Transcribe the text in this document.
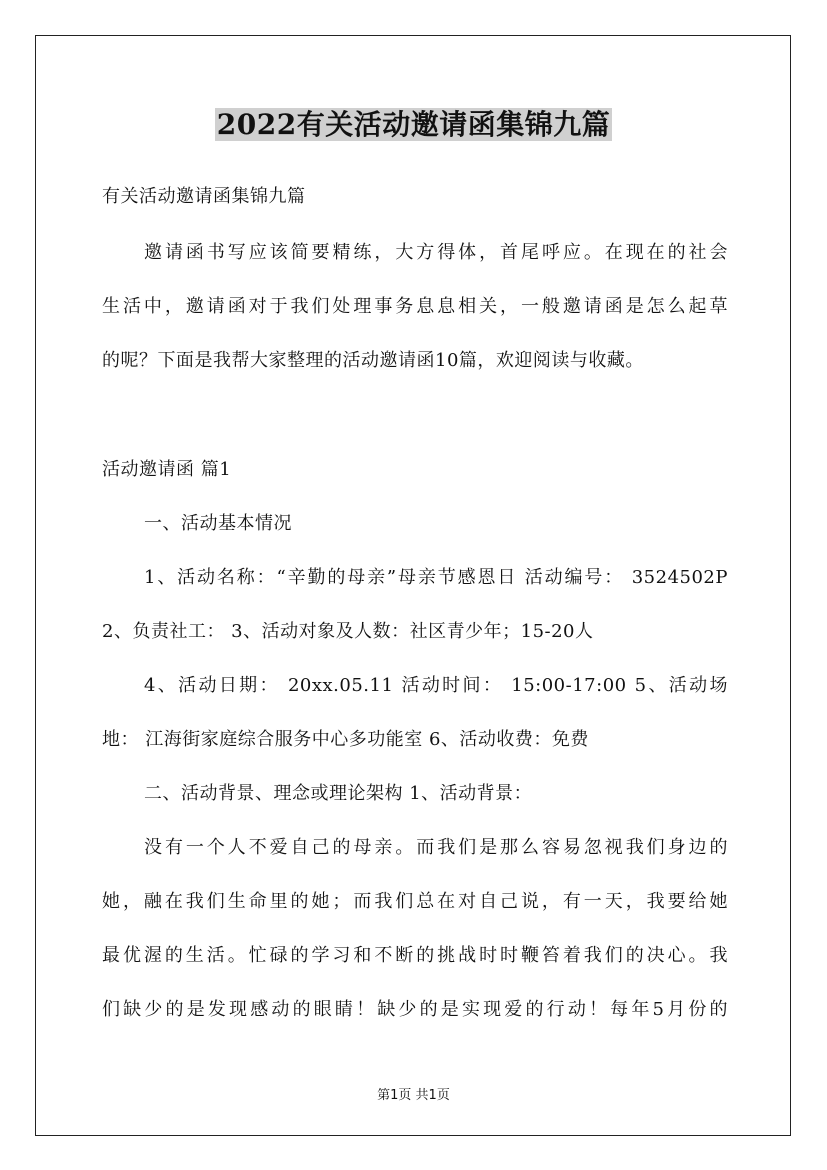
2022有关活动邀请函集锦九篇
有关活动邀请函集锦九篇
邀请函书写应该简要精练，大方得体，首尾呼应。在现在的社会
生活中，邀请函对于我们处理事务息息相关，一般邀请函是怎么起草
的呢？下面是我帮大家整理的活动邀请函10篇，欢迎阅读与收藏。
活动邀请函 篇1
一、活动基本情况
1、活动名称：“辛勤的母亲”母亲节感恩日 活动编号： 3524502P
2、负责社工： 3、活动对象及人数：社区青少年；15-20人
4、活动日期： 20xx.05.11 活动时间： 15:00-17:00 5、活动场
地： 江海街家庭综合服务中心多功能室 6、活动收费：免费
二、活动背景、理念或理论架构 1、活动背景：
没有一个人不爱自己的母亲。而我们是那么容易忽视我们身边的
她，融在我们生命里的她；而我们总在对自己说，有一天，我要给她
最优渥的生活。忙碌的学习和不断的挑战时时鞭笞着我们的决心。我
们缺少的是发现感动的眼睛！缺少的是实现爱的行动！每年5月份的
第1页 共1页
